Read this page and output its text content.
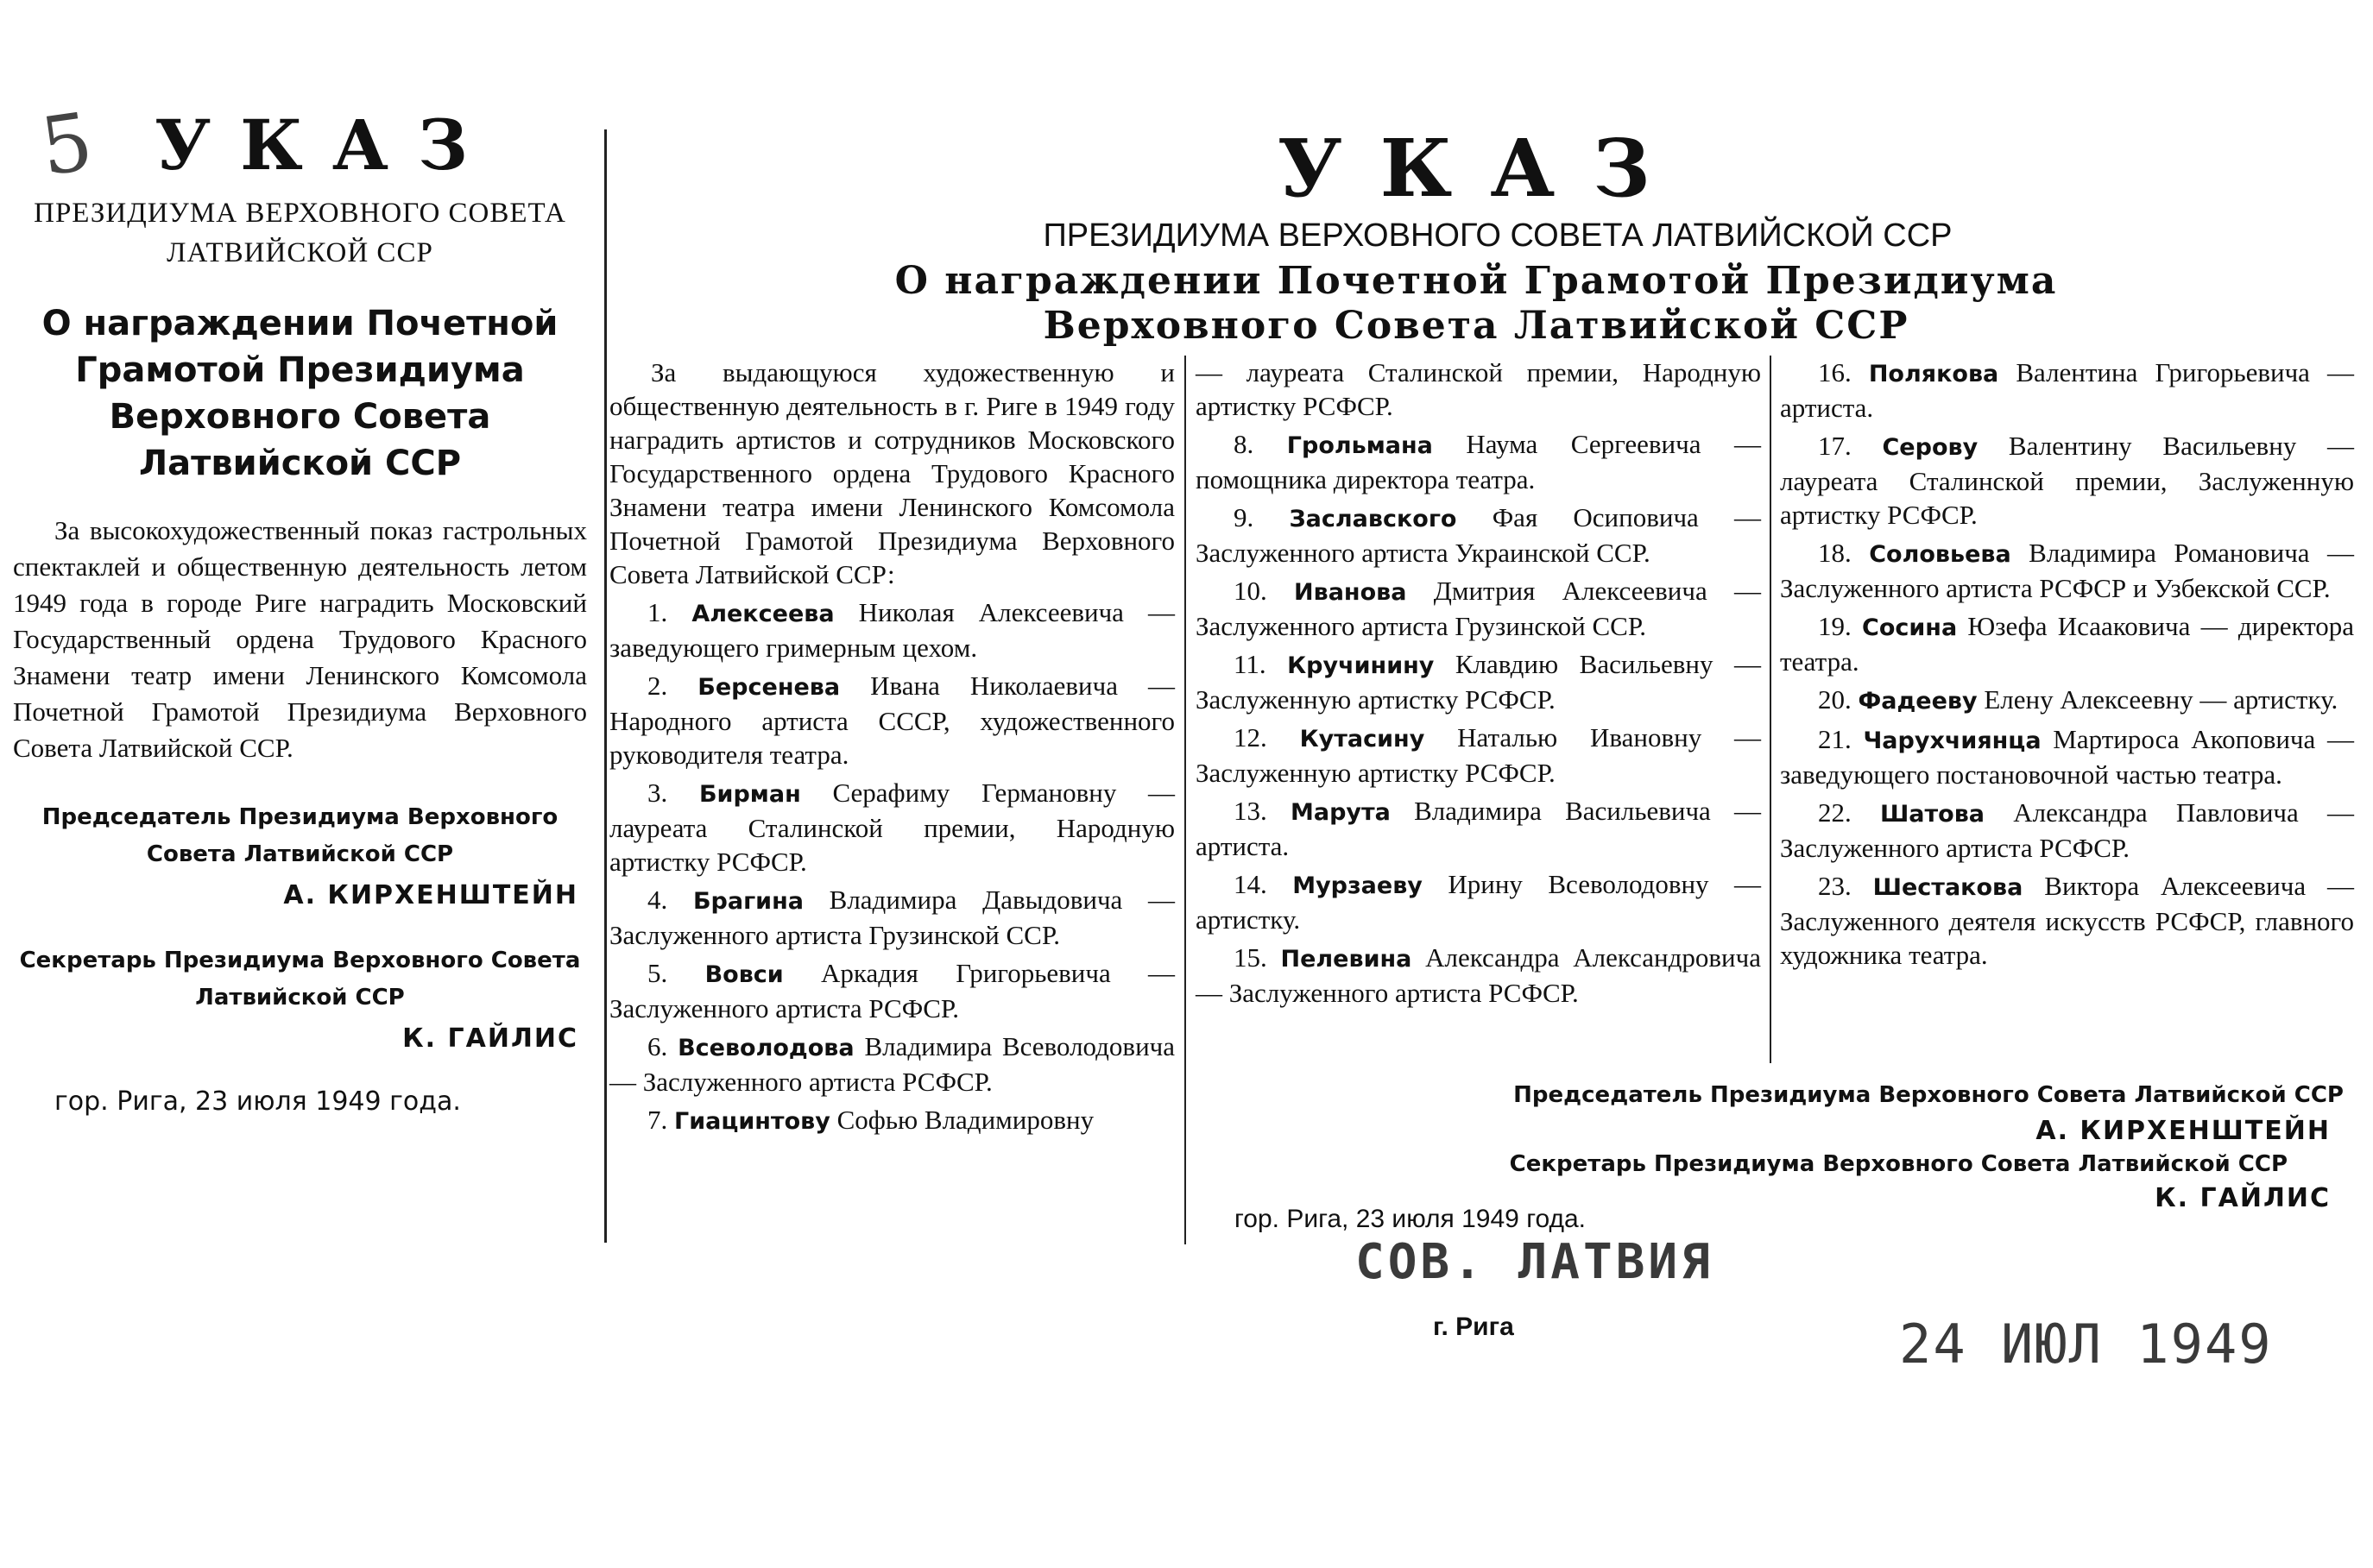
5 УКАЗ
ПРЕЗИДИУМА ВЕРХОВНОГО СОВЕТА ЛАТВИЙСКОЙ ССР
О награждении Почетной Грамотой Президиума Верховного Совета Латвийской ССР
За высокохудожественный показ гастрольных спектаклей и общественную деятельность летом 1949 года в городе Риге наградить Московский Государственный ордена Трудового Красного Знамени театр имени Ленинского Комсомола Почетной Грамотой Президиума Верховного Совета Латвийской ССР.
Председатель Президиума Верховного Совета Латвийской ССР
А. КИРХЕНШТЕЙН
Секретарь Президиума Верховного Совета Латвийской ССР
К. ГАЙЛИС
гор. Рига, 23 июля 1949 года.
УКАЗ
ПРЕЗИДИУМА ВЕРХОВНОГО СОВЕТА ЛАТВИЙСКОЙ ССР
О награждении Почетной Грамотой Президиума
Верховного Совета Латвийской ССР

За выдающуюся художественную и общественную деятельность в г. Риге в 1949 году наградить артистов и сотрудников Московского Государственного ордена Трудового Красного Знамени театра имени Ленинского Комсомола Почетной Грамотой Президиума Верховного Совета Латвийской ССР:

1. Алексеева Николая Алексеевича — заведующего гримерным цехом.

2. Берсенева Ивана Николаевича — Народного артиста СССР, художественного руководителя театра.

3. Бирман Серафиму Германовну — лауреата Сталинской премии, Народную артистку РСФСР.

4. Брагина Владимира Давыдовича — Заслуженного артиста Грузинской ССР.

5. Вовси Аркадия Григорьевича — Заслуженного артиста РСФСР.

6. Всеволодова Владимира Всеволодовича — Заслуженного артиста РСФСР.

7. Гиацинтову Софью Владимировну

— лауреата Сталинской премии, Народную артистку РСФСР.

8. Грольмана Наума Сергеевича — помощника директора театра.

9. Заславского Фая Осиповича — Заслуженного артиста Украинской ССР.

10. Иванова Дмитрия Алексеевича — Заслуженного артиста Грузинской ССР.

11. Кручинину Клавдию Васильевну — Заслуженную артистку РСФСР.

12. Кутасину Наталью Ивановну — Заслуженную артистку РСФСР.

13. Марута Владимира Васильевича — артиста.

14. Мурзаеву Ирину Всеволодовну — артистку.

15. Пелевина Александра Александровича — Заслуженного артиста РСФСР.

16. Полякова Валентина Григорьевича — артиста.

17. Серову Валентину Васильевну — лауреата Сталинской премии, Заслуженную артистку РСФСР.

18. Соловьева Владимира Романовича — Заслуженного артиста РСФСР и Узбекской ССР.

19. Сосина Юзефа Исааковича — директора театра.

20. Фадееву Елену Алексеевну — артистку.

21. Чарухчиянца Мартироса Акоповича — заведующего постановочной частью театра.

22. Шатова Александра Павловича — Заслуженного артиста РСФСР.

23. Шестакова Виктора Алексеевича — Заслуженного деятеля искусств РСФСР, главного художника театра.

Председатель Президиума Верховного Совета Латвийской ССР
А. КИРХЕНШТЕЙН
Секретарь Президиума Верховного Совета Латвийской ССР
К. ГАЙЛИС
гор. Рига, 23 июля 1949 года.
СОВ. ЛАТВИЯ
г. Рига	24 ИЮЛ 1949
